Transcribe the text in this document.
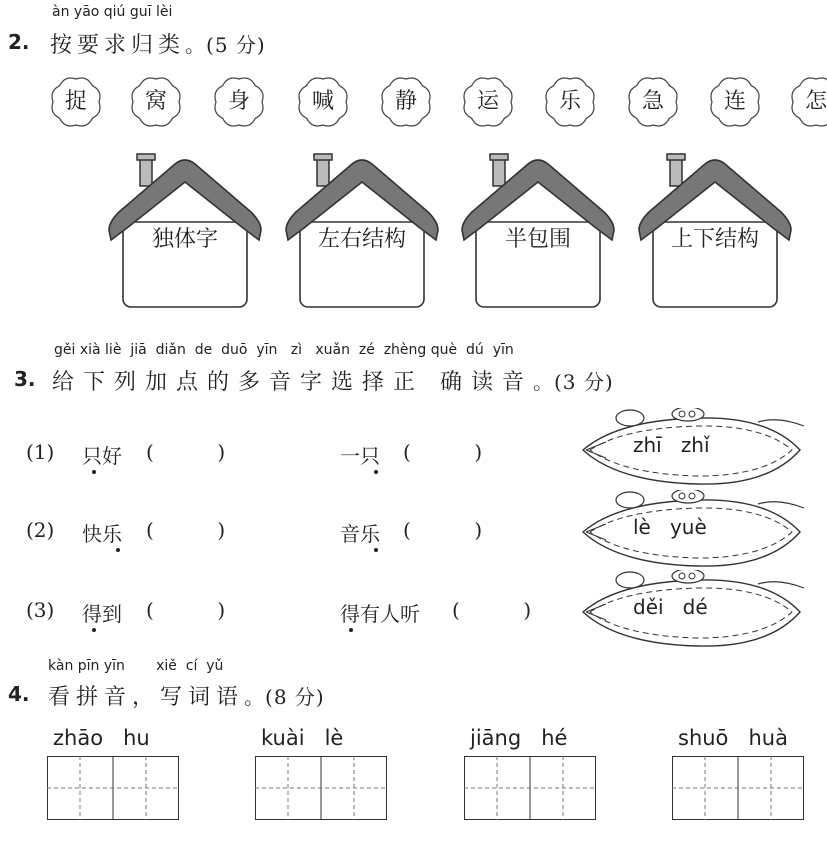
àn yāo qiú guī lèi
2. 按要求归类。(5 分)
捉	窝	身	喊	静	运	乐	急	连	怎
独体字	左右结构	半包围	上下结构
gěi xià liè  jiā  diǎn  de  duō  yīn   zì   xuǎn  zé  zhèng què  dú  yīn
3. 给下列加点的多音字选择正 确读音。(3 分)
(1) 只好 (          )	一只 (          )
(2) 快乐 (          )	音乐 (          )
(3) 得到 (          )	得有人听 (          )
zhī zhǐ
lè yuè
děi dé
kàn pīn yīn       xiě  cí  yǔ
4. 看拼音，写词语。(8 分)
zhāo hu	kuài lè	jiāng hé	shuō huà
